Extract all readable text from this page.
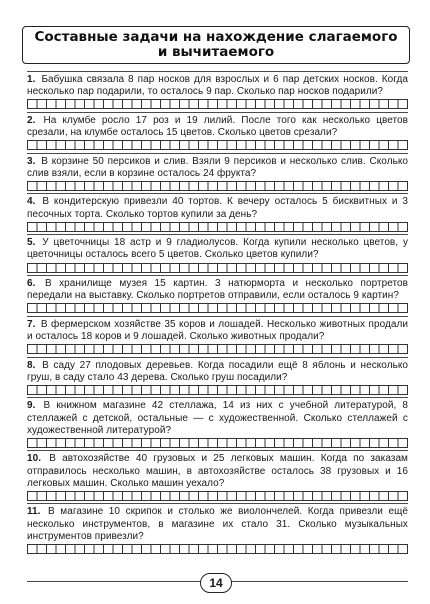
Составные задачи на нахождение слагаемого
и вычитаемого
1. Бабушка связала 8 пар носков для взрослых и 6 пар детских носков. Когда несколько пар подарили, то осталось 9 пар. Сколько пар носков подарили?
2. На клумбе росло 17 роз и 19 лилий. После того как несколько цветов срезали, на клумбе осталось 15 цветов. Сколько цветов срезали?
3. В корзине 50 персиков и слив. Взяли 9 персиков и несколько слив. Сколько слив взяли, если в корзине осталось 24 фрукта?
4. В кондитерскую привезли 40 тортов. К вечеру осталось 5 бисквитных и 3 песочных торта. Сколько тортов купили за день?
5. У цветочницы 18 астр и 9 гладиолусов. Когда купили несколько цветов, у цветочницы осталось всего 5 цветов. Сколько цветов купили?
6. В хранилище музея 15 картин. 3 натюрморта и несколько портретов передали на выставку. Сколько портретов отправили, если осталось 9 картин?
7. В фермерском хозяйстве 35 коров и лошадей. Несколько животных продали и осталось 18 коров и 9 лошадей. Сколько животных продали?
8. В саду 27 плодовых деревьев. Когда посадили ещё 8 яблонь и несколько груш, в саду стало 43 дерева. Сколько груш посадили?
9. В книжном магазине 42 стеллажа, 14 из них с учебной литературой, 8 стеллажей с детской, остальные — с художественной. Сколько стеллажей с художественной литературой?
10. В автохозяйстве 40 грузовых и 25 легковых машин. Когда по заказам отправилось несколько машин, в автохозяйстве осталось 38 грузовых и 16 легковых машин. Сколько машин уехало?
11. В магазине 10 скрипок и столько же виолончелей. Когда привезли ещё несколько инструментов, в магазине их стало 31. Сколько музыкальных инструментов привезли?
14
